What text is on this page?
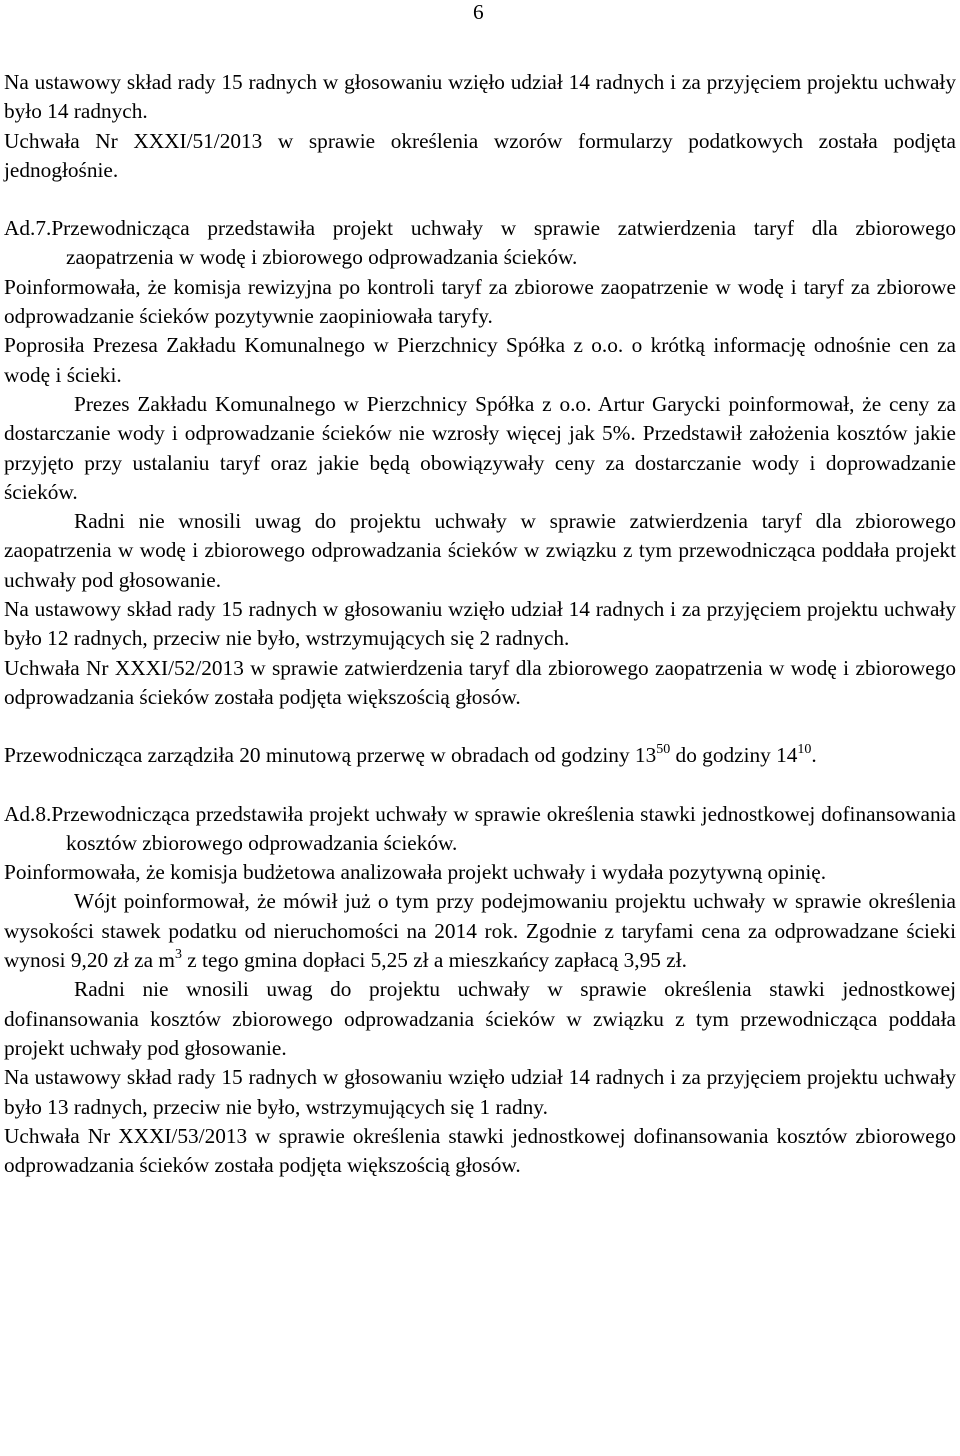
6

Na ustawowy skład rady 15 radnych w głosowaniu wzięło udział 14 radnych i za przyjęciem projektu uchwały było 14 radnych.

Uchwała Nr XXXI/51/2013 w sprawie określenia wzorów formularzy podatkowych została podjęta jednogłośnie.

Ad.7.Przewodnicząca przedstawiła projekt uchwały w sprawie zatwierdzenia taryf dla zbiorowego zaopatrzenia w wodę i zbiorowego odprowadzania ścieków.

Poinformowała, że komisja rewizyjna po kontroli taryf za zbiorowe zaopatrzenie w wodę i taryf za zbiorowe odprowadzanie ścieków pozytywnie zaopiniowała taryfy.

Poprosiła Prezesa Zakładu Komunalnego w Pierzchnicy Spółka z o.o. o krótką informację odnośnie cen za wodę i ścieki.

Prezes Zakładu Komunalnego w Pierzchnicy Spółka z o.o. Artur Garycki poinformował, że ceny za dostarczanie wody i odprowadzanie ścieków nie wzrosły więcej jak 5%. Przedstawił założenia kosztów jakie przyjęto przy ustalaniu taryf oraz jakie będą obowiązywały ceny za dostarczanie wody i doprowadzanie ścieków.

Radni nie wnosili uwag do projektu uchwały w sprawie zatwierdzenia taryf dla zbiorowego zaopatrzenia w wodę i zbiorowego odprowadzania ścieków w związku z tym przewodnicząca poddała projekt uchwały pod głosowanie.

Na ustawowy skład rady 15 radnych w głosowaniu wzięło udział 14 radnych i za przyjęciem projektu uchwały było 12 radnych, przeciw nie było, wstrzymujących się 2 radnych.

Uchwała Nr XXXI/52/2013 w sprawie zatwierdzenia taryf dla zbiorowego zaopatrzenia w wodę i zbiorowego odprowadzania ścieków została podjęta większością głosów.

Przewodnicząca zarządziła 20 minutową przerwę w obradach od godziny $13^{50}$ do godziny $14^{10}$.

Ad.8.Przewodnicząca przedstawiła projekt uchwały w sprawie określenia stawki jednostkowej dofinansowania kosztów zbiorowego odprowadzania ścieków.

Poinformowała, że komisja budżetowa analizowała projekt uchwały i wydała pozytywną opinię.

Wójt poinformował, że mówił już o tym przy podejmowaniu projektu uchwały w sprawie określenia wysokości stawek podatku od nieruchomości na 2014 rok. Zgodnie z taryfami cena za odprowadzane ścieki wynosi 9,20 zł za $m^3$ z tego gmina dopłaci 5,25 zł a mieszkańcy zapłacą 3,95 zł.

Radni nie wnosili uwag do projektu uchwały w sprawie określenia stawki jednostkowej dofinansowania kosztów zbiorowego odprowadzania ścieków w związku z tym przewodnicząca poddała projekt uchwały pod głosowanie.

Na ustawowy skład rady 15 radnych w głosowaniu wzięło udział 14 radnych i za przyjęciem projektu uchwały było 13 radnych, przeciw nie było, wstrzymujących się 1 radny.

Uchwała Nr XXXI/53/2013 w sprawie określenia stawki jednostkowej dofinansowania kosztów zbiorowego odprowadzania ścieków została podjęta większością głosów.
